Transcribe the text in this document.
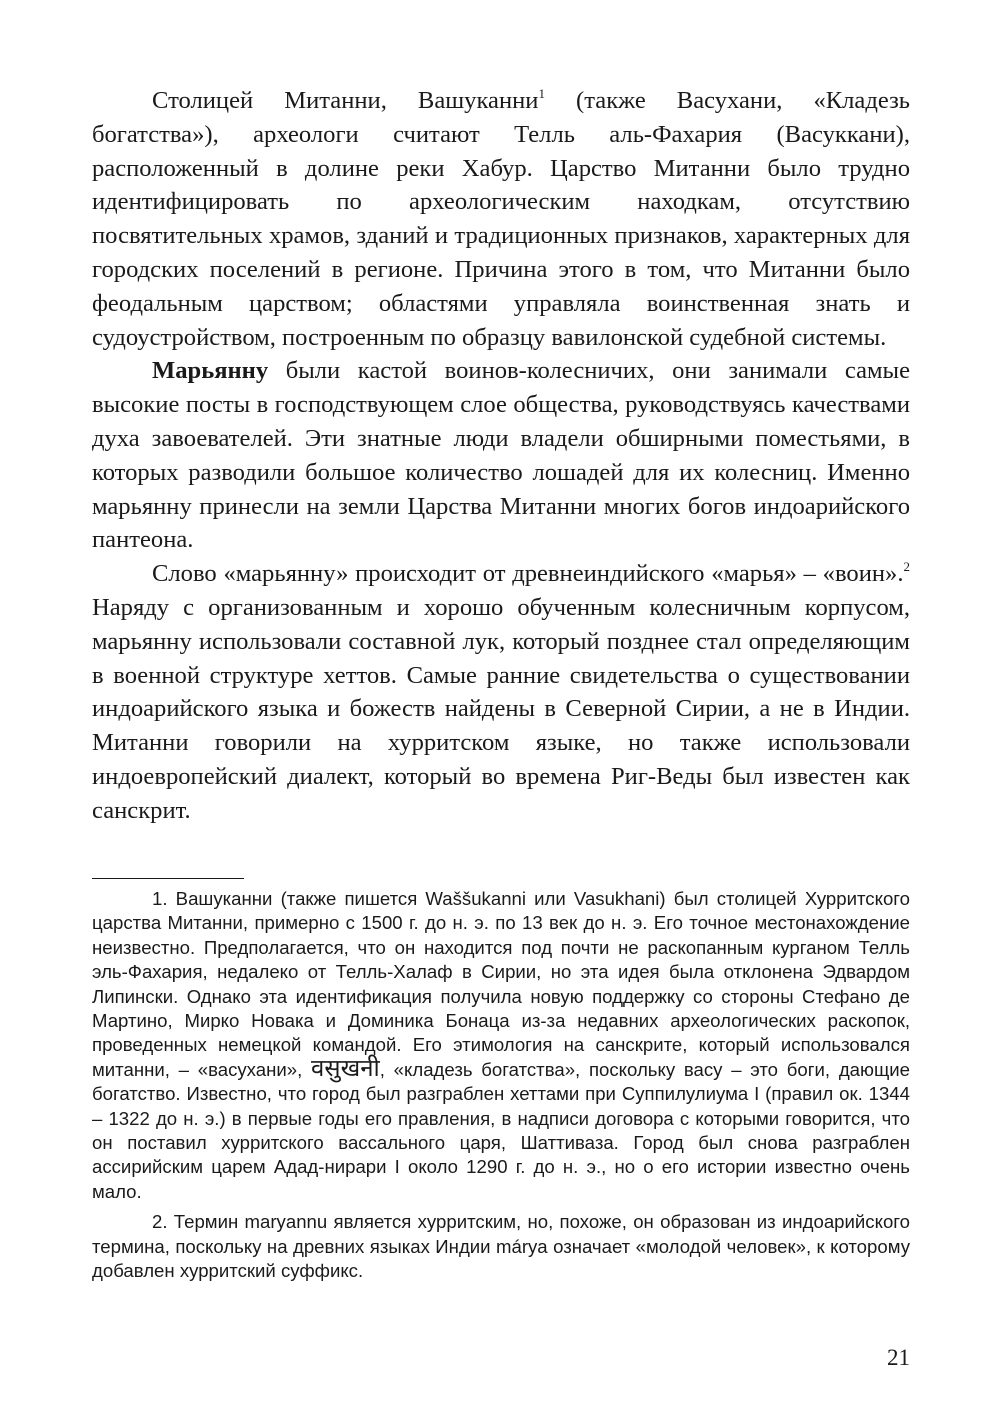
Столицей Митанни, Вашуканни$^1$ (также Васухани, «Кладезь богатства»), археологи считают Телль аль-Фахария (Васуккани), расположенный в долине реки Хабур. Царство Митанни было трудно идентифицировать по археологическим находкам, отсутствию посвятительных храмов, зданий и традиционных признаков, характерных для городских поселений в регионе. Причина этого в том, что Митанни было феодальным царством; областями управляла воинственная знать и судоустройством, построенным по образцу вавилонской судебной системы.

Марьянну были кастой воинов-колесничих, они занимали самые высокие посты в господствующем слое общества, руководствуясь качествами духа завоевателей. Эти знатные люди владели обширными поместьями, в которых разводили большое количество лошадей для их колесниц. Именно марьянну принесли на земли Царства Митанни многих богов индоарийского пантеона.

Слово «марьянну» происходит от древнеиндийского «марья» – «воин».$^2$ Наряду с организованным и хорошо обученным колесничным корпусом, марьянну использовали составной лук, который позднее стал определяющим в военной структуре хеттов. Самые ранние свидетельства о существовании индоарийского языка и божеств найдены в Северной Сирии, а не в Индии. Митанни говорили на хурритском языке, но также использовали индоевропейский диалект, который во времена Риг-Веды был известен как санскрит.

1. Вашуканни (также пишется Waššukanni или Vasukhani) был столицей Хурритского царства Митанни, примерно с 1500 г. до н. э. по 13 век до н. э. Его точное местонахождение неизвестно. Предполагается, что он находится под почти не раскопанным курганом Телль эль-Фахария, недалеко от Телль-Халаф в Сирии, но эта идея была отклонена Эдвардом Липински. Однако эта идентификация получила новую поддержку со стороны Стефано де Мартино, Мирко Новака и Доминика Бонаца из-за недавних археологических раскопок, проведенных немецкой командой. Его этимология на санскрите, который использовался митанни, – «васухани», वसुखनी, «кладезь богатства», поскольку васу – это боги, дающие богатство. Известно, что город был разграблен хеттами при Суппилулиума I (правил ок. 1344 – 1322 до н. э.) в первые годы его правления, в надписи договора с которыми говорится, что он поставил хурритского вассального царя, Шаттиваза. Город был снова разграблен ассирийским царем Адад-нирари I около 1290 г. до н. э., но о его истории известно очень мало.

2. Термин maryannu является хурритским, но, похоже, он образован из индоарийского термина, поскольку на древних языках Индии márya означает «молодой человек», к которому добавлен хурритский суффикс.

21
